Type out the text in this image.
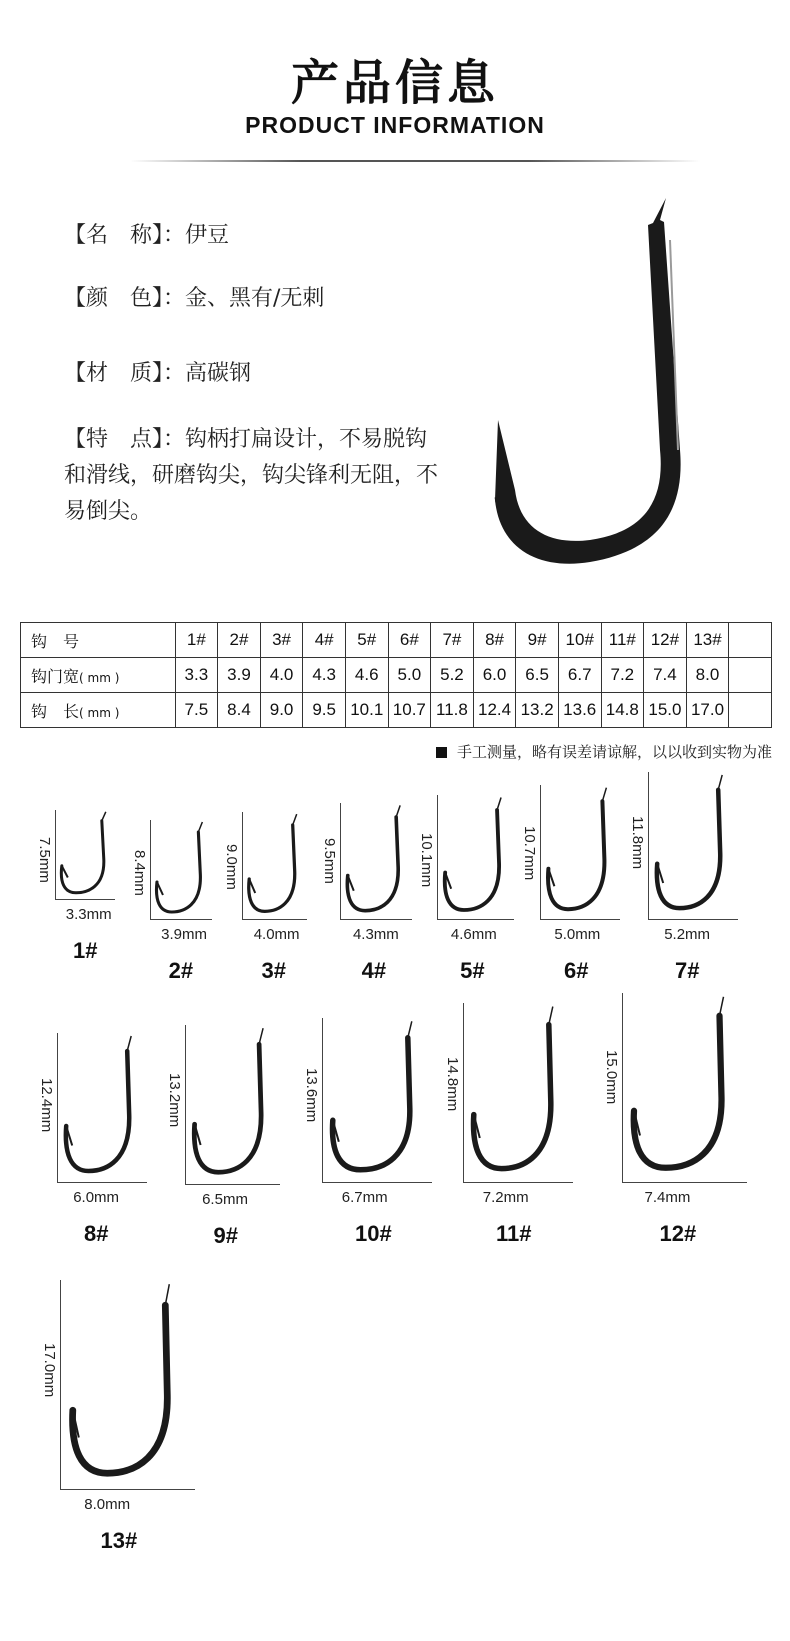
产品信息
PRODUCT INFORMATION
【名　称】：伊豆
【颜　色】：金、黑有/无刺
【材　质】：高碳钢
【特　点】：钩柄打扁设计，不易脱钩和滑线，研磨钩尖，钩尖锋利无阻，不易倒尖。
钩　号	1#	2#	3#	4#	5#	6#	7#	8#	9#	10#	11#	12#	13#	
钩门宽( mm )	3.3	3.9	4.0	4.3	4.6	5.0	5.2	6.0	6.5	6.7	7.2	7.4	8.0	
钩　长( mm )	7.5	8.4	9.0	9.5	10.1	10.7	11.8	12.4	13.2	13.6	14.8	15.0	17.0	
手工测量，略有误差请谅解，以以收到实物为准
7.5mm
3.3mm
1#
8.4mm
3.9mm
2#
9.0mm
4.0mm
3#
9.5mm
4.3mm
4#
10.1mm
4.6mm
5#
10.7mm
5.0mm
6#
11.8mm
5.2mm
7#
12.4mm
6.0mm
8#
13.2mm
6.5mm
9#
13.6mm
6.7mm
10#
14.8mm
7.2mm
11#
15.0mm
7.4mm
12#
17.0mm
8.0mm
13#
